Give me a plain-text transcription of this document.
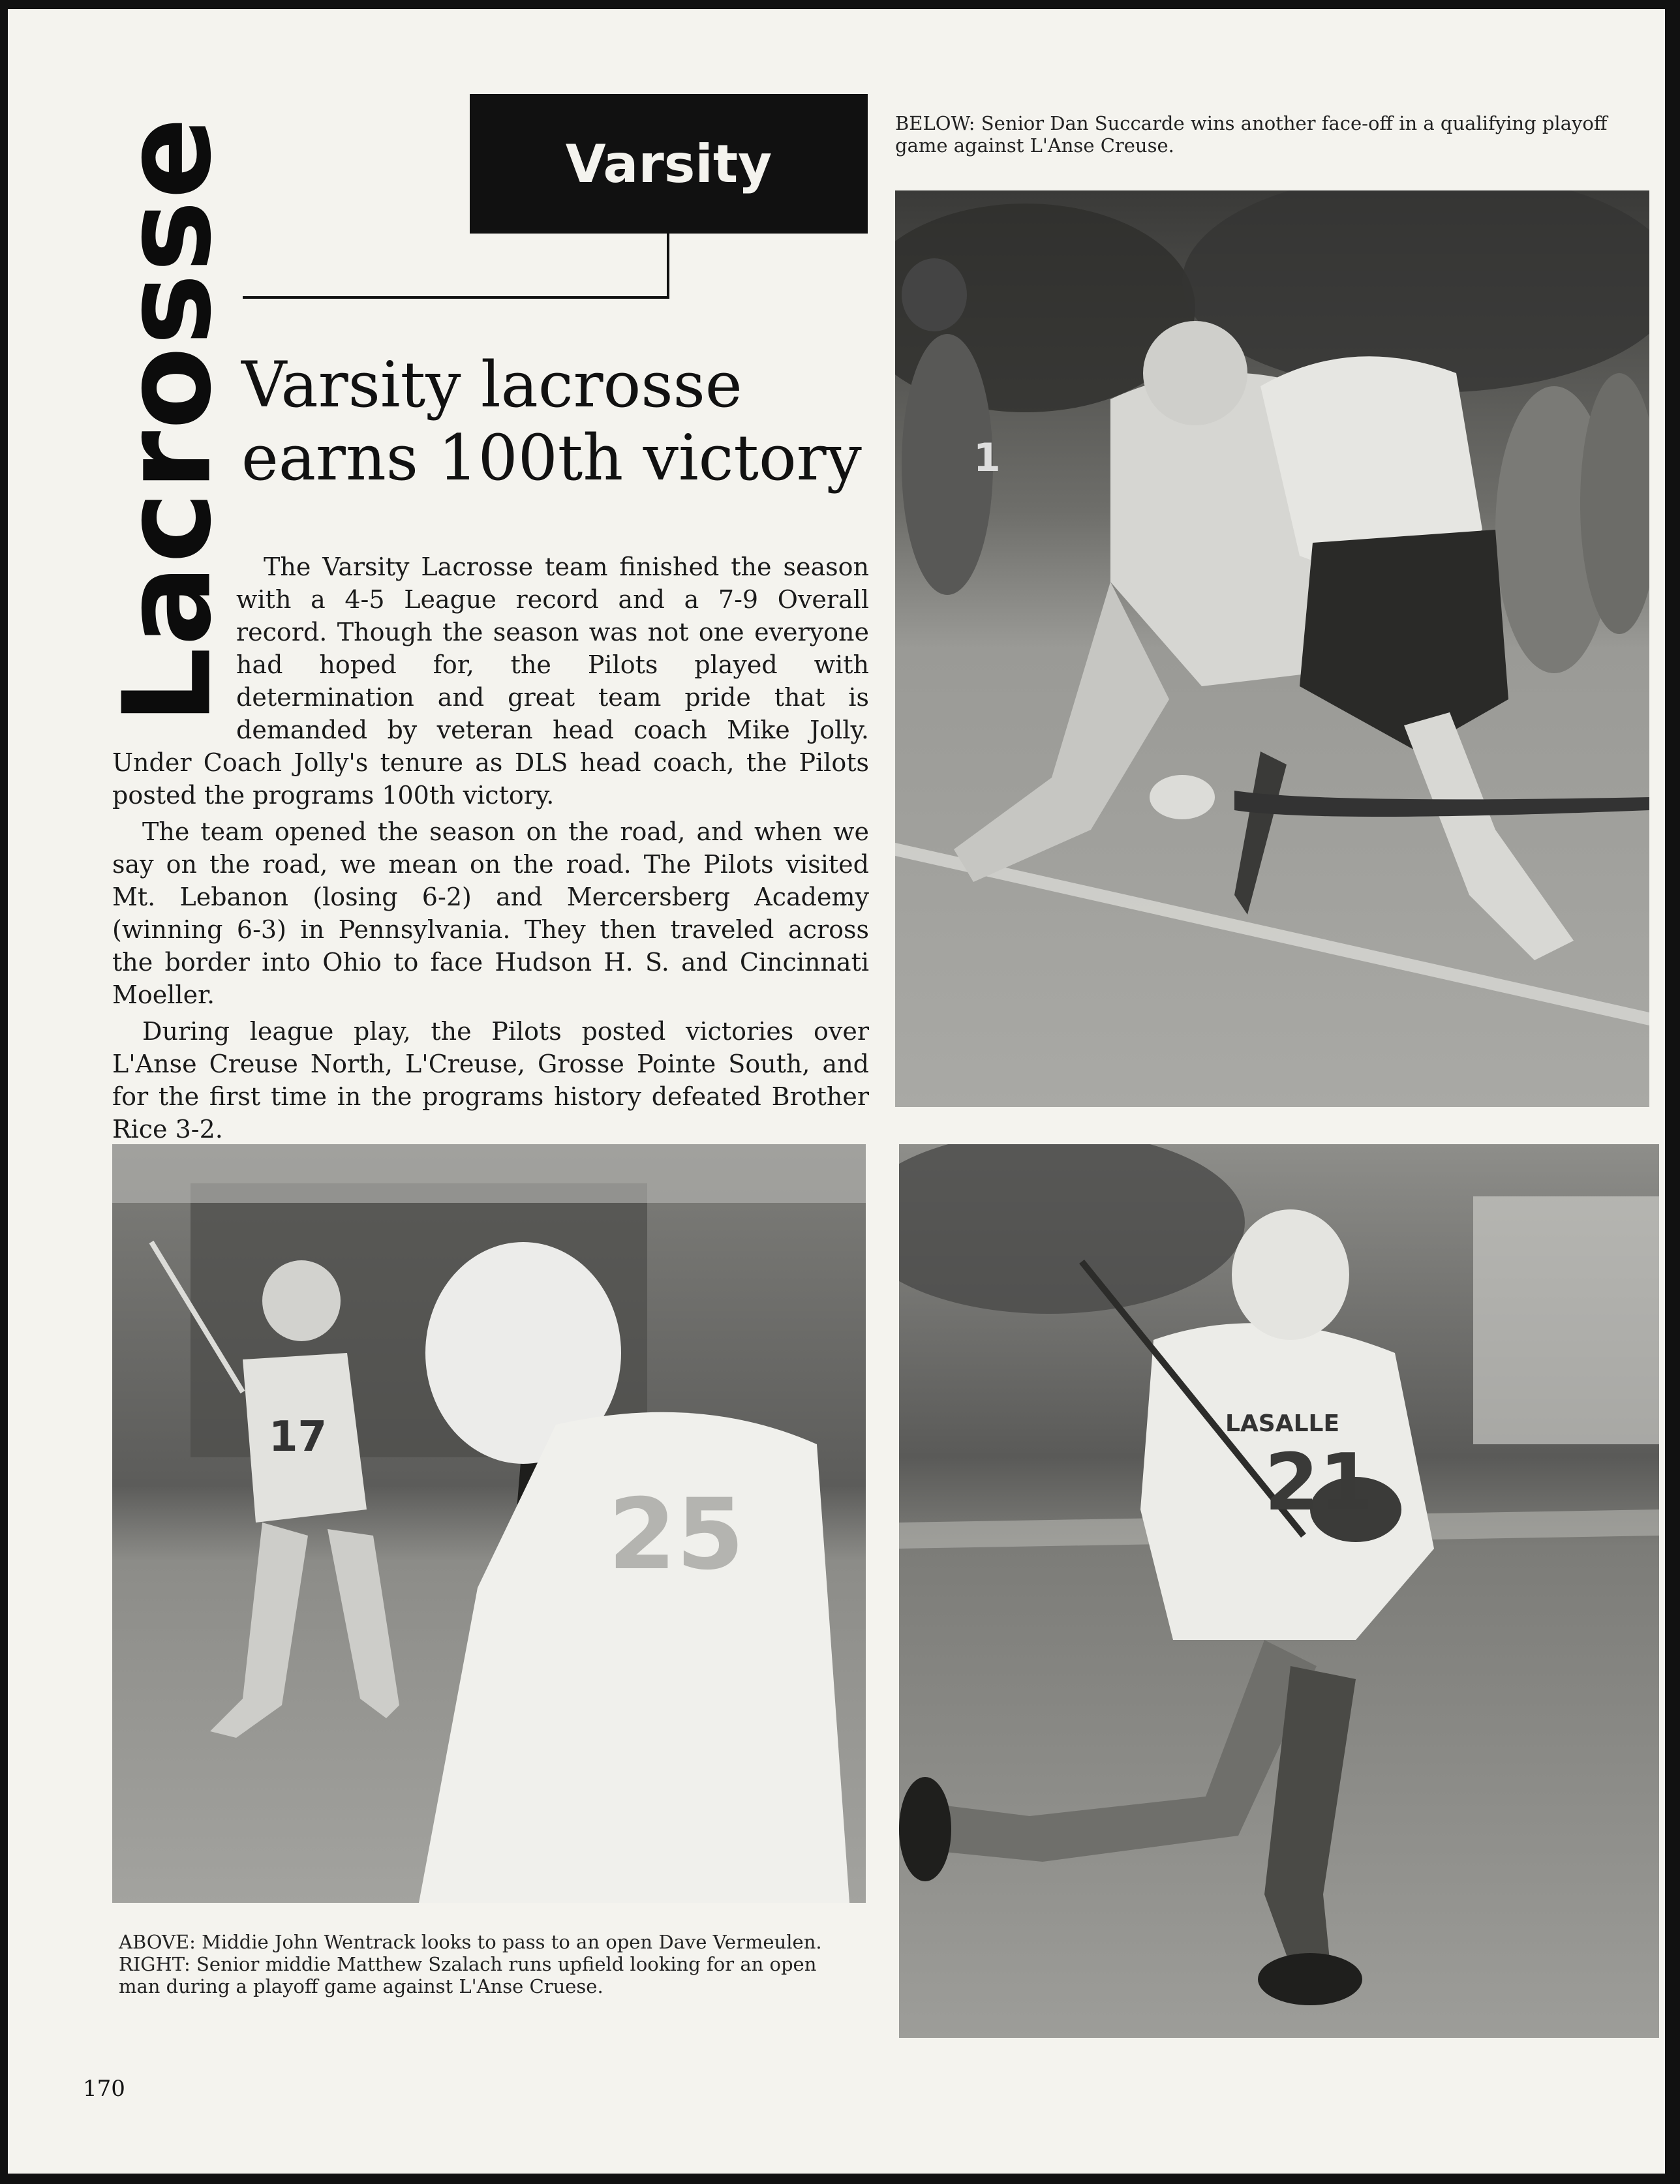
Lacrosse	Varsity
Varsity lacrosse
earns 100th victory

The Varsity Lacrosse team finished the season with a 4-5 League record and a 7-9 Overall record. Though the season was not one everyone had hoped for, the Pilots played with determination and great team pride that is demanded by veteran head coach Mike Jolly. Under Coach Jolly's tenure as DLS head coach, the Pilots posted the programs 100th victory.

The team opened the season on the road, and when we say on the road, we mean on the road. The Pilots visited Mt. Lebanon (losing 6-2) and Mercersberg Academy (winning 6-3) in Pennsylvania. They then traveled across the border into Ohio to face Hudson H. S. and Cincinnati Moeller.

During league play, the Pilots posted victories over L'Anse Creuse North, L'Creuse, Grosse Pointe South, and for the first time in the programs history defeated Brother Rice 3-2.

BELOW: Senior Dan Succarde wins another face-off in a qualifying playoff game against L'Anse Creuse.
1
17
25
ABOVE: Middie John Wentrack looks to pass to an open Dave Vermeulen.
RIGHT: Senior middie Matthew Szalach runs upfield looking for an open
man during a playoff game against L'Anse Cruese.
LASALLE
21
170
